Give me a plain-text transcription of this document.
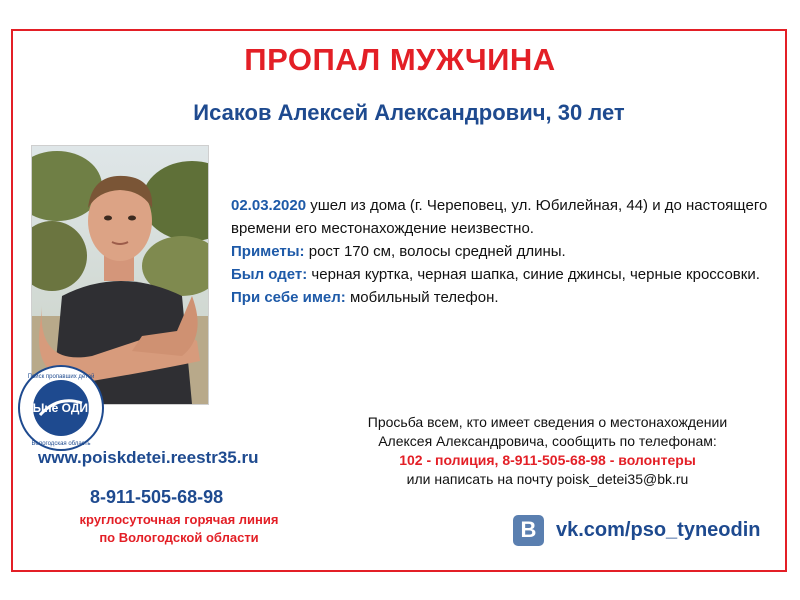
ПРОПАЛ МУЖЧИНА
Исаков Алексей Александрович, 30 лет
ТЫне ОДИН
Поиск пропавших детей
Вологодская область

02.03.2020 ушел из дома (г. Череповец, ул. Юбилейная, 44) и до настоящего времени его местонахождение неизвестно.

Приметы: рост 170 см, волосы средней длины.

Был одет: черная куртка, черная шапка, синие джинсы, черные кроссовки.

При себе имел: мобильный телефон.

www.poiskdetei.reestr35.ru
8-911-505-68-98
круглосуточная горячая линия
по Вологодской области
Просьба всем, кто имеет сведения о местонахождении
Алексея Александровича, сообщить по телефонам:
102 - полиция, 8-911-505-68-98 - волонтеры
или написать на почту poisk_detei35@bk.ru
В vk.com/pso_tyneodin
